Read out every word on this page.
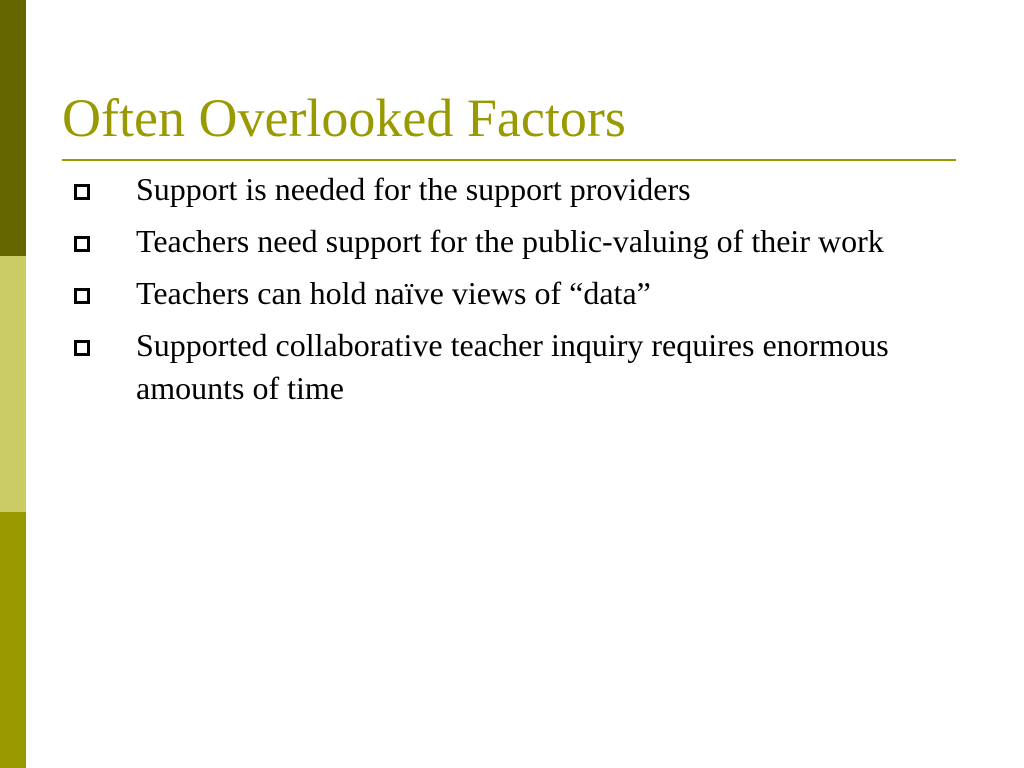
Often Overlooked Factors
Support is needed for the support providers
Teachers need support for the public-valuing of their work
Teachers can hold naïve views of “data”
Supported collaborative teacher inquiry requires enormous amounts of time
